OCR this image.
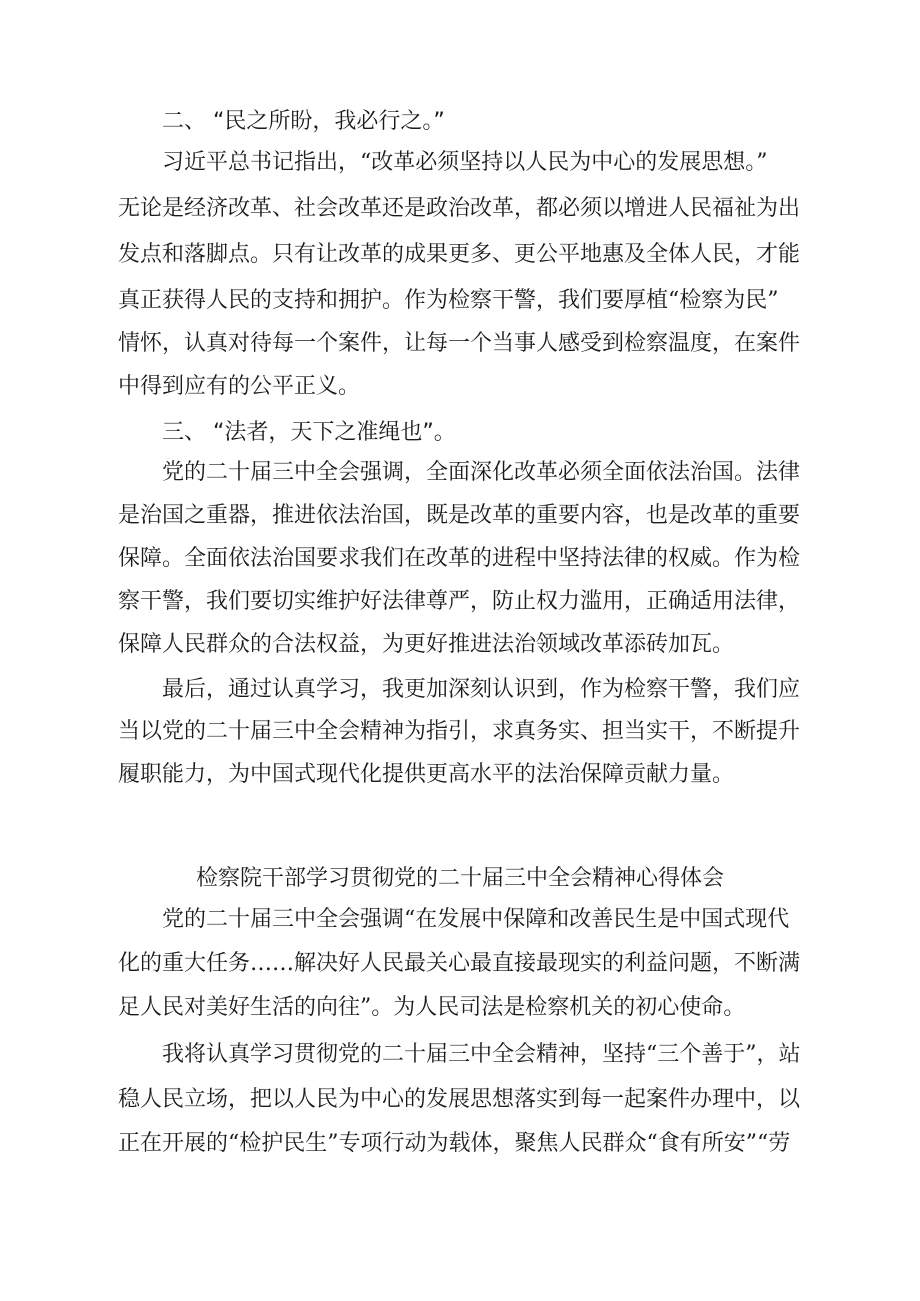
二、 “民之所盼，我必行之。”
习近平总书记指出，“改革必须坚持以人民为中心的发展思想。”
无论是经济改革、社会改革还是政治改革，都必须以增进人民福祉为出
发点和落脚点。只有让改革的成果更多、更公平地惠及全体人民，才能
真正获得人民的支持和拥护。作为检察干警，我们要厚植“检察为民”
情怀，认真对待每一个案件，让每一个当事人感受到检察温度，在案件
中得到应有的公平正义。
三、 “法者，天下之准绳也”。
党的二十届三中全会强调，全面深化改革必须全面依法治国。法律
是治国之重器，推进依法治国，既是改革的重要内容，也是改革的重要
保障。全面依法治国要求我们在改革的进程中坚持法律的权威。作为检
察干警，我们要切实维护好法律尊严，防止权力滥用，正确适用法律，
保障人民群众的合法权益，为更好推进法治领域改革添砖加瓦。
最后，通过认真学习，我更加深刻认识到，作为检察干警，我们应
当以党的二十届三中全会精神为指引，求真务实、担当实干，不断提升
履职能力，为中国式现代化提供更高水平的法治保障贡献力量。
检察院干部学习贯彻党的二十届三中全会精神心得体会
党的二十届三中全会强调“在发展中保障和改善民生是中国式现代
化的重大任务……解决好人民最关心最直接最现实的利益问题，不断满
足人民对美好生活的向往”。为人民司法是检察机关的初心使命。
我将认真学习贯彻党的二十届三中全会精神，坚持“三个善于”，站
稳人民立场，把以人民为中心的发展思想落实到每一起案件办理中，以
正在开展的“检护民生”专项行动为载体，聚焦人民群众“食有所安”“劳
